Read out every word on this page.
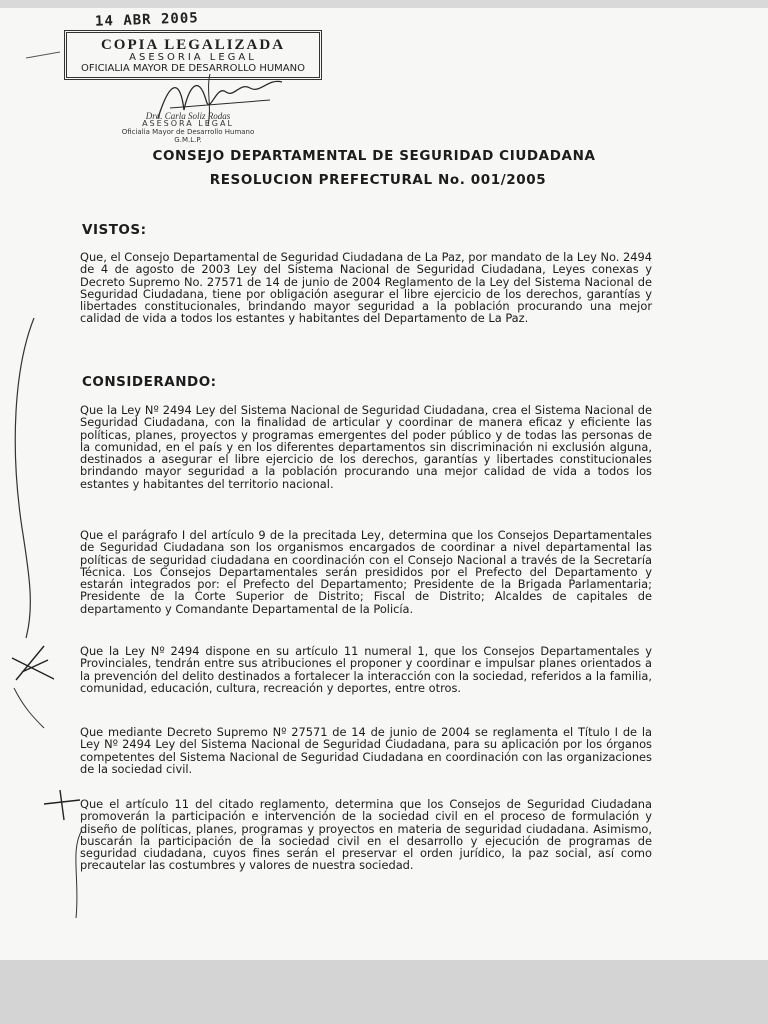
14 ABR 2005
COPIA LEGALIZADA
ASESORIA LEGAL
OFICIALIA MAYOR DE DESARROLLO HUMANO
Dra. Carla Soliz Rodas
ASESORA LEGAL
Oficialia Mayor de Desarrollo Humano
G.M.L.P.
CONSEJO DEPARTAMENTAL DE SEGURIDAD CIUDADANA
RESOLUCION PREFECTURAL No. 001/2005
VISTOS:

Que, el Consejo Departamental de Seguridad Ciudadana de La Paz, por mandato de la Ley No. 2494 de 4 de agosto de 2003 Ley del Sistema Nacional de Seguridad Ciudadana, Leyes conexas y Decreto Supremo No. 27571 de 14 de junio de 2004 Reglamento de la Ley del Sistema Nacional de Seguridad Ciudadana, tiene por obligación asegurar el libre ejercicio de los derechos, garantías y libertades constitucionales, brindando mayor seguridad a la población procurando una mejor calidad de vida a todos los estantes y habitantes del Departamento de La Paz.

CONSIDERANDO:

Que la Ley Nº 2494 Ley del Sistema Nacional de Seguridad Ciudadana, crea el Sistema Nacional de Seguridad Ciudadana, con la finalidad de articular y coordinar de manera eficaz y eficiente las políticas, planes, proyectos y programas emergentes del poder público y de todas las personas de la comunidad, en el país y en los diferentes departamentos sin discriminación ni exclusión alguna, destinados a asegurar el libre ejercicio de los derechos, garantías y libertades constitucionales brindando mayor seguridad a la población procurando una mejor calidad de vida a todos los estantes y habitantes del territorio nacional.

Que el parágrafo I del artículo 9 de la precitada Ley, determina que los Consejos Departamentales de Seguridad Ciudadana son los organismos encargados de coordinar a nivel departamental las políticas de seguridad ciudadana en coordinación con el Consejo Nacional a través de la Secretaría Técnica. Los Consejos Departamentales serán presididos por el Prefecto del Departamento y estarán integrados por: el Prefecto del Departamento; Presidente de la Brigada Parlamentaria; Presidente de la Corte Superior de Distrito; Fiscal de Distrito; Alcaldes de capitales de departamento y Comandante Departamental de la Policía.

Que la Ley Nº 2494 dispone en su artículo 11 numeral 1, que los Consejos Departamentales y Provinciales, tendrán entre sus atribuciones el proponer y coordinar e impulsar planes orientados a la prevención del delito destinados a fortalecer la interacción con la sociedad, referidos a la familia, comunidad, educación, cultura, recreación y deportes, entre otros.

Que mediante Decreto Supremo Nº 27571 de 14 de junio de 2004 se reglamenta el Título I de la Ley Nº 2494 Ley del Sistema Nacional de Seguridad Ciudadana, para su aplicación por los órganos competentes del Sistema Nacional de Seguridad Ciudadana en coordinación con las organizaciones de la sociedad civil.

Que el artículo 11 del citado reglamento, determina que los Consejos de Seguridad Ciudadana promoverán la participación e intervención de la sociedad civil en el proceso de formulación y diseño de políticas, planes, programas y proyectos en materia de seguridad ciudadana. Asimismo, buscarán la participación de la sociedad civil en el desarrollo y ejecución de programas de seguridad ciudadana, cuyos fines serán el preservar el orden jurídico, la paz social, así como precautelar las costumbres y valores de nuestra sociedad.
